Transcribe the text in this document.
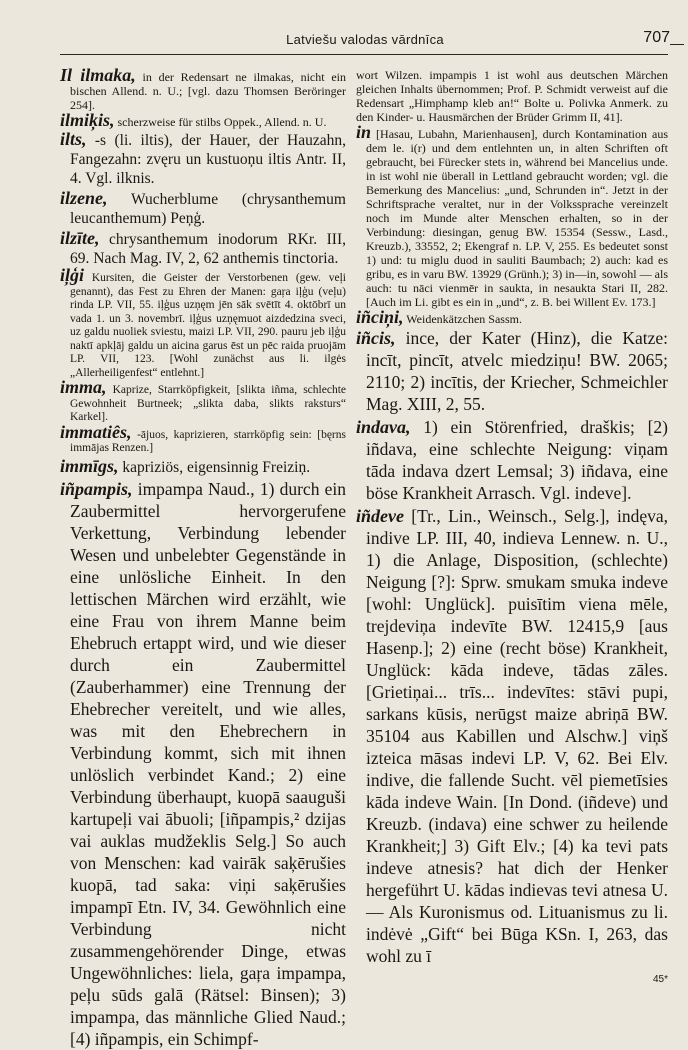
Latviešu valodas vārdnīca	707

Il ilmaka, in der Redensart ne ilmakas, nicht ein bischen Allend. n. U.; [vgl. dazu Thomsen Beröringer 254].

ilmiķis, scherzweise für stilbs Oppek., Allend. n. U.

ilts, -s (li. iltis), der Hauer, der Hauzahn, Fangezahn: zvęru un kustuoņu iltis Antr. II, 4. Vgl. ilknis.

ilzene, Wucherblume (chrysanthemum leucanthemum) Peņģ.

ilzīte, chrysanthemum inodorum RKr. III, 69. Nach Mag. IV, 2, 62 anthemis tinctoria.

iļģi Kursiten, die Geister der Verstorbenen (gew. veļi genannt), das Fest zu Ehren der Manen: gaŗa iļģu (veļu) rinda LP. VII, 55. iļģus uzņęm jēn sāk svētīt 4. oktōbrī un vada 1. un 3. novembrī. iļģus uzņęmuot aizdedzina sveci, uz galdu nuoliek sviestu, maizi LP. VII, 290. pauru jeb iļģu naktī apkļāj galdu un aicina garus ēst un pēc raida pruojām LP. VII, 123. [Wohl zunächst aus li. ilgės „Allerheiligenfest“ entlehnt.]

imma, Kaprize, Starrköpfigkeit, [slikta iñma, schlechte Gewohnheit Burtneek; „slikta daba, slikts raksturs“ Karkel].

immatiês, -ājuos, kaprizieren, starrköpfig sein: [bęrns immājas Renzen.]

immīgs, kapriziös, eigensinnig Freiziņ.

iñpampis, impampa Naud., 1) durch ein Zaubermittel hervorgerufene Verkettung, Verbindung lebender Wesen und unbelebter Gegenstände in eine unlösliche Einheit. In den lettischen Märchen wird erzählt, wie eine Frau von ihrem Manne beim Ehebruch ertappt wird, und wie dieser durch ein Zaubermittel (Zauberhammer) eine Trennung der Ehebrecher vereitelt, und wie alles, was mit den Ehebrechern in Verbindung kommt, sich mit ihnen unlöslich verbindet Kand.; 2) eine Verbindung überhaupt, kuopā saauguši kartupeļi vai ābuoli; [iñpampis,² dzijas vai auklas mudžeklis Selg.] So auch von Menschen: kad vairāk saķērušies kuopā, tad saka: viņi saķērušies impampī Etn. IV, 34. Gewöhnlich eine Verbindung nicht zusammengehörender Dinge, etwas Ungewöhnliches: liela, gaŗa impampa, peļu sūds galā (Rätsel: Binsen); 3) impampa, das männliche Glied Naud.; [4) iñpampis, ein Schimpf-

wort Wilzen. impampis 1 ist wohl aus deutschen Märchen gleichen Inhalts übernommen; Prof. P. Schmidt verweist auf die Redensart „Himphamp kleb an!“ Bolte u. Polivka Anmerk. zu den Kinder- u. Hausmärchen der Brüder Grimm II, 41].

in [Hasau, Lubahn, Marienhausen], durch Kontamination aus dem le. i(r) und dem entlehnten un, in alten Schriften oft gebraucht, bei Fürecker stets in, während bei Mancelius unde. in ist wohl nie überall in Lettland gebraucht worden; vgl. die Bemerkung des Mancelius: „und, Schrunden in“. Jetzt in der Schriftsprache veraltet, nur in der Volkssprache vereinzelt noch im Munde alter Menschen erhalten, so in der Verbindung: diesingan, genug BW. 15354 (Sessw., Lasd., Kreuzb.), 33552, 2; Ekengraf n. LP. V, 255. Es bedeutet sonst 1) und: tu miglu duod in sauliti Baumbach; 2) auch: kad es gribu, es in varu BW. 13929 (Grünh.); 3) in—in, sowohl — als auch: tu nāci vienmēr in saukta, in nesaukta Stari II, 282. [Auch im Li. gibt es ein in „und“, z. B. bei Willent Ev. 173.]

iñciņi, Weidenkätzchen Sassm.

iñcis, ince, der Kater (Hinz), die Katze: incīt, pincīt, atvelc miedziņu! BW. 2065; 2110; 2) incītis, der Kriecher, Schmeichler Mag. XIII, 2, 55.

indava, 1) ein Störenfried, draškis; [2) iñdava, eine schlechte Neigung: viņam tāda indava dzert Lemsal; 3) iñdava, eine böse Krankheit Arrasch. Vgl. indeve].

iñdeve [Tr., Lin., Weinsch., Selg.], indęva, indive LP. III, 40, indieva Lennew. n. U., 1) die Anlage, Disposition, (schlechte) Neigung [?]: Sprw. smukam smuka indeve [wohl: Unglück]. puisītim viena mēle, trejdeviņa indevīte BW. 12415,9 [aus Hasenp.]; 2) eine (recht böse) Krankheit, Unglück: kāda indeve, tādas zāles. [Grietiņai... trīs... indevītes: stāvi pupi, sarkans kūsis, nerūgst maize abriņā BW. 35104 aus Kabillen und Alschw.] viņš izteica māsas indevi LP. V, 62. Bei Elv. indive, die fallende Sucht. vēl piemetīsies kāda indeve Wain. [In Dond. (iñdeve) und Kreuzb. (indava) eine schwer zu heilende Krankheit;] 3) Gift Elv.; [4) ka tevi pats indeve atnesis? hat dich der Henker hergeführt U. kādas indievas tevi atnesa U. — Als Kuronismus od. Lituanismus zu li. indėvė „Gift“ bei Būga KSn. I, 263, das wohl zu ī

45*
